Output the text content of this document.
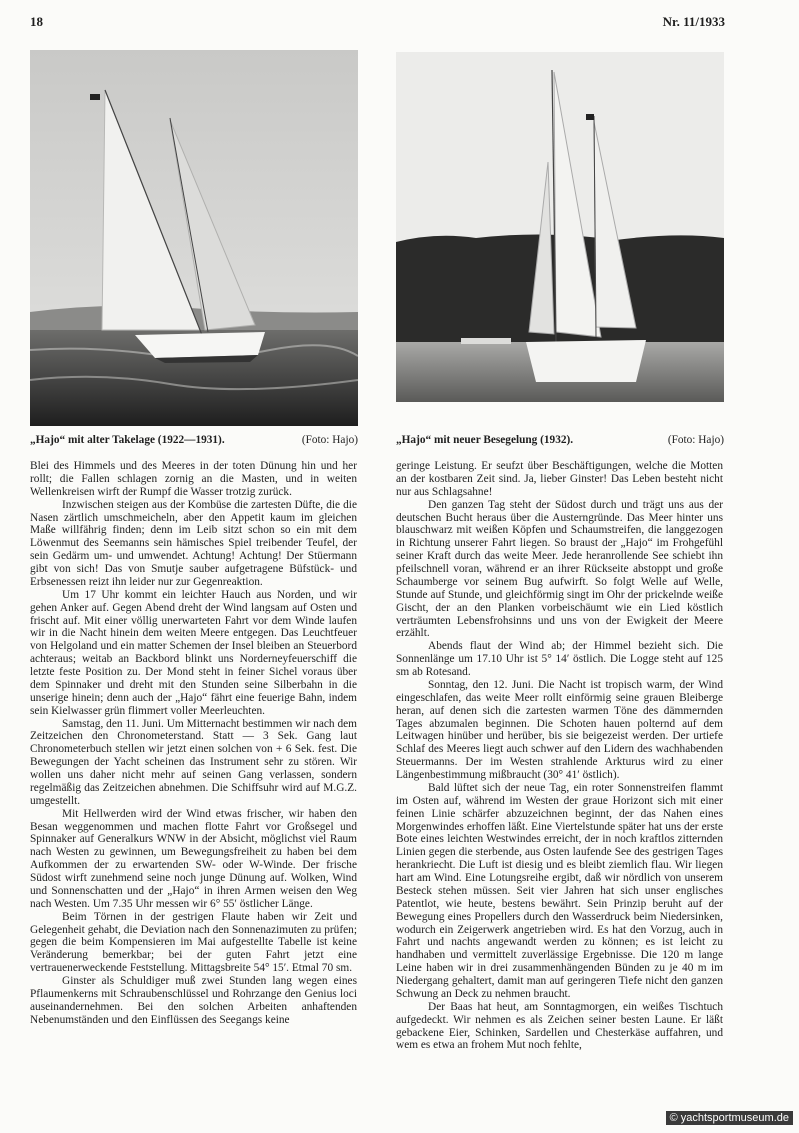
18	Nr. 11/1933
„Hajo“ mit alter Takelage (1922—1931).	(Foto: Hajo)	„Hajo“ mit neuer Besegelung (1932).	(Foto: Hajo)

Blei des Himmels und des Meeres in der toten Dünung hin und her rollt; die Fallen schlagen zornig an die Masten, und in weiten Wellenkreisen wirft der Rumpf die Wasser trotzig zurück.

Inzwischen steigen aus der Kombüse die zartesten Düfte, die die Nasen zärtlich umschmeicheln, aber den Appetit kaum im gleichen Maße willfährig finden; denn im Leib sitzt schon so ein mit dem Löwenmut des Seemanns sein hämisches Spiel treibender Teufel, der sein Gedärm um- und umwendet. Achtung! Achtung! Der Stüermann gibt von sich! Das von Smutje sauber aufgetragene Büfstück- und Erbsenessen reizt ihn leider nur zur Gegenreaktion.

Um 17 Uhr kommt ein leichter Hauch aus Norden, und wir gehen Anker auf. Gegen Abend dreht der Wind langsam auf Osten und frischt auf. Mit einer völlig unerwarteten Fahrt vor dem Winde laufen wir in die Nacht hinein dem weiten Meere entgegen. Das Leuchtfeuer von Helgoland und ein matter Schemen der Insel bleiben an Steuerbord achteraus; weitab an Backbord blinkt uns Norderneyfeuerschiff die letzte feste Position zu. Der Mond steht in feiner Sichel voraus über dem Spinnaker und dreht mit den Stunden seine Silberbahn in die unserige hinein; denn auch der „Hajo“ fährt eine feuerige Bahn, indem sein Kielwasser grün flimmert voller Meerleuchten.

Samstag, den 11. Juni. Um Mitternacht bestimmen wir nach dem Zeitzeichen den Chronometerstand. Statt — 3 Sek. Gang laut Chronometerbuch stellen wir jetzt einen solchen von + 6 Sek. fest. Die Bewegungen der Yacht scheinen das Instrument sehr zu stören. Wir wollen uns daher nicht mehr auf seinen Gang verlassen, sondern regelmäßig das Zeitzeichen abnehmen. Die Schiffsuhr wird auf M.G.Z. umgestellt.

Mit Hellwerden wird der Wind etwas frischer, wir haben den Besan weggenommen und machen flotte Fahrt vor Großsegel und Spinnaker auf Generalkurs WNW in der Absicht, möglichst viel Raum nach Westen zu gewinnen, um Bewegungsfreiheit zu haben bei dem Aufkommen der zu erwartenden SW- oder W-Winde. Der frische Südost wirft zunehmend seine noch junge Dünung auf. Wolken, Wind und Sonnenschatten und der „Hajo“ in ihren Armen weisen den Weg nach Westen. Um 7.35 Uhr messen wir 6° 55′ östlicher Länge.

Beim Törnen in der gestrigen Flaute haben wir Zeit und Gelegenheit gehabt, die Deviation nach den Sonnenazimuten zu prüfen; gegen die beim Kompensieren im Mai aufgestellte Tabelle ist keine Veränderung bemerkbar; bei der guten Fahrt jetzt eine vertrauenerweckende Feststellung. Mittagsbreite 54° 15′. Etmal 70 sm.

Ginster als Schuldiger muß zwei Stunden lang wegen eines Pflaumenkerns mit Schraubenschlüssel und Rohrzange den Genius loci auseinandernehmen. Bei den solchen Arbeiten anhaftenden Nebenumständen und den Einflüssen des Seegangs keine

geringe Leistung. Er seufzt über Beschäftigungen, welche die Motten an der kostbaren Zeit sind. Ja, lieber Ginster! Das Leben besteht nicht nur aus Schlagsahne!

Den ganzen Tag steht der Südost durch und trägt uns aus der deutschen Bucht heraus über die Austerngründe. Das Meer hinter uns blauschwarz mit weißen Köpfen und Schaumstreifen, die langgezogen in Richtung unserer Fahrt liegen. So braust der „Hajo“ im Frohgefühl seiner Kraft durch das weite Meer. Jede heranrollende See schiebt ihn pfeilschnell voran, während er an ihrer Rückseite abstoppt und große Schaumberge vor seinem Bug aufwirft. So folgt Welle auf Welle, Stunde auf Stunde, und gleichförmig singt im Ohr der prickelnde weiße Gischt, der an den Planken vorbeischäumt wie ein Lied köstlich verträumten Lebensfrohsinns und uns von der Ewigkeit der Meere erzählt.

Abends flaut der Wind ab; der Himmel bezieht sich. Die Sonnenlänge um 17.10 Uhr ist 5° 14′ östlich. Die Logge steht auf 125 sm ab Rotesand.

Sonntag, den 12. Juni. Die Nacht ist tropisch warm, der Wind eingeschlafen, das weite Meer rollt einförmig seine grauen Bleiberge heran, auf denen sich die zartesten warmen Töne des dämmernden Tages abzumalen beginnen. Die Schoten hauen polternd auf dem Leitwagen hinüber und herüber, bis sie beigezeist werden. Der urtiefe Schlaf des Meeres liegt auch schwer auf den Lidern des wachhabenden Steuermanns. Der im Westen strahlende Arkturus wird zu einer Längenbestimmung mißbraucht (30° 41′ östlich).

Bald lüftet sich der neue Tag, ein roter Sonnenstreifen flammt im Osten auf, während im Westen der graue Horizont sich mit einer feinen Linie schärfer abzuzeichnen beginnt, der das Nahen eines Morgenwindes erhoffen läßt. Eine Viertelstunde später hat uns der erste Bote eines leichten Westwindes erreicht, der in noch kraftlos zitternden Linien gegen die sterbende, aus Osten laufende See des gestrigen Tages herankriecht. Die Luft ist diesig und es bleibt ziemlich flau. Wir liegen hart am Wind. Eine Lotungsreihe ergibt, daß wir nördlich von unserem Besteck stehen müssen. Seit vier Jahren hat sich unser englisches Patentlot, wie heute, bestens bewährt. Sein Prinzip beruht auf der Bewegung eines Propellers durch den Wasserdruck beim Niedersinken, wodurch ein Zeigerwerk angetrieben wird. Es hat den Vorzug, auch in Fahrt und nachts angewandt werden zu können; es ist leicht zu handhaben und vermittelt zuverlässige Ergebnisse. Die 120 m lange Leine haben wir in drei zusammenhängenden Bünden zu je 40 m im Niedergang gehaltert, damit man auf geringeren Tiefe nicht den ganzen Schwung an Deck zu nehmen braucht.

Der Baas hat heut, am Sonntagmorgen, ein weißes Tischtuch aufgedeckt. Wir nehmen es als Zeichen seiner besten Laune. Er läßt gebackene Eier, Schinken, Sardellen und Chesterkäse auffahren, und wem es etwa an frohem Mut noch fehlte,

© yachtsportmuseum.de
